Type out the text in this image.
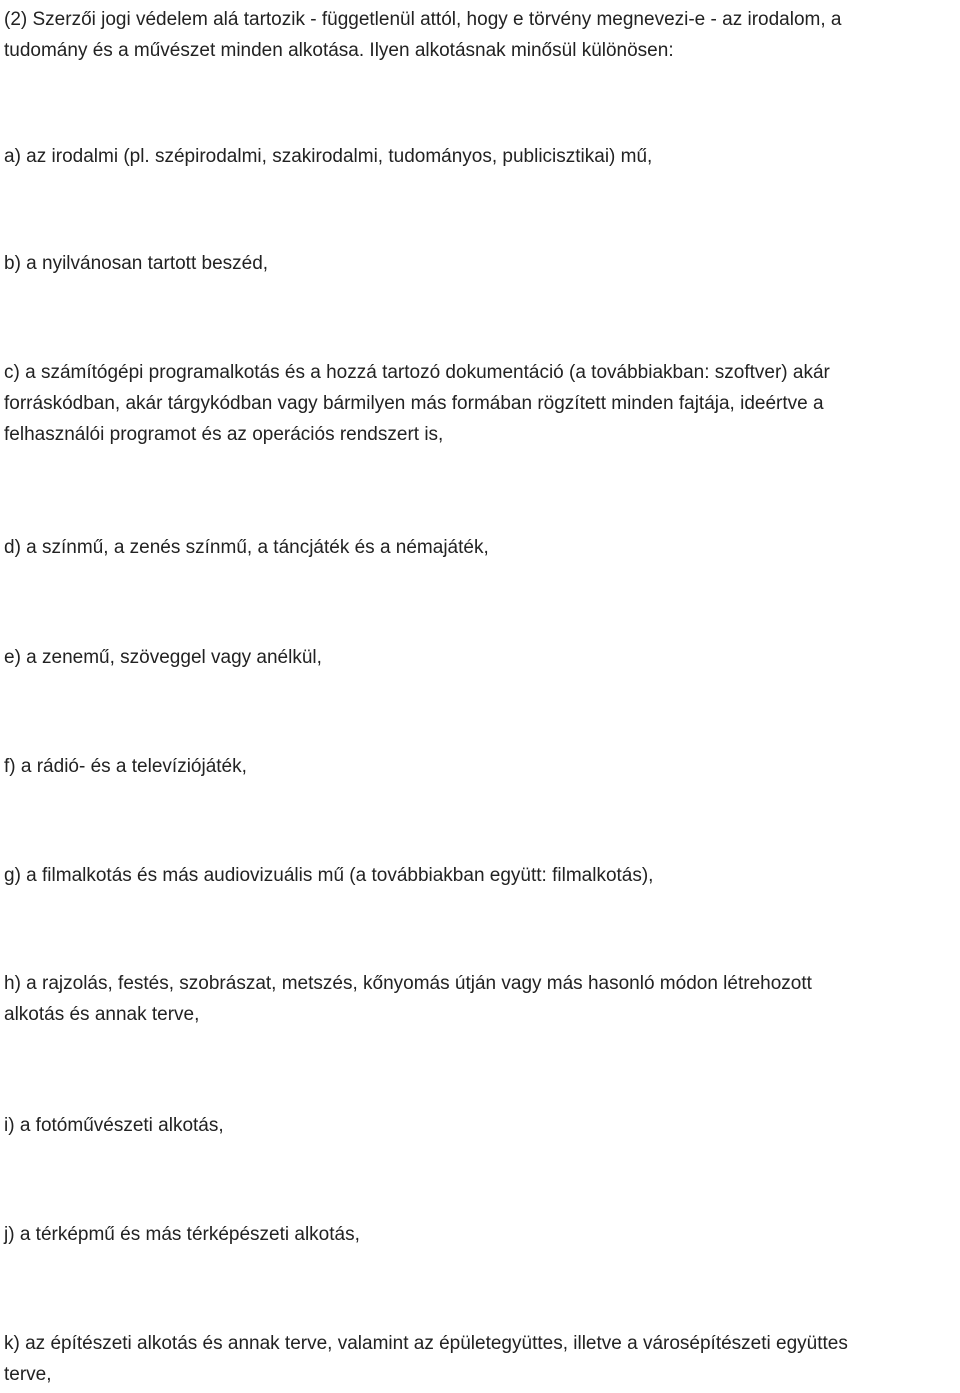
(2) Szerzői jogi védelem alá tartozik - függetlenül attól, hogy e törvény megnevezi-e - az irodalom, a
tudomány és a művészet minden alkotása. Ilyen alkotásnak minősül különösen:

a) az irodalmi (pl. szépirodalmi, szakirodalmi, tudományos, publicisztikai) mű,

b) a nyilvánosan tartott beszéd,

c) a számítógépi programalkotás és a hozzá tartozó dokumentáció (a továbbiakban: szoftver) akár
forráskódban, akár tárgykódban vagy bármilyen más formában rögzített minden fajtája, ideértve a
felhasználói programot és az operációs rendszert is,

d) a színmű, a zenés színmű, a táncjáték és a némajáték,

e) a zenemű, szöveggel vagy anélkül,

f) a rádió- és a televíziójáték,

g) a filmalkotás és más audiovizuális mű (a továbbiakban együtt: filmalkotás),

h) a rajzolás, festés, szobrászat, metszés, kőnyomás útján vagy más hasonló módon létrehozott
alkotás és annak terve,

i) a fotóművészeti alkotás,

j) a térképmű és más térképészeti alkotás,

k) az építészeti alkotás és annak terve, valamint az épületegyüttes, illetve a városépítészeti együttes
terve,
